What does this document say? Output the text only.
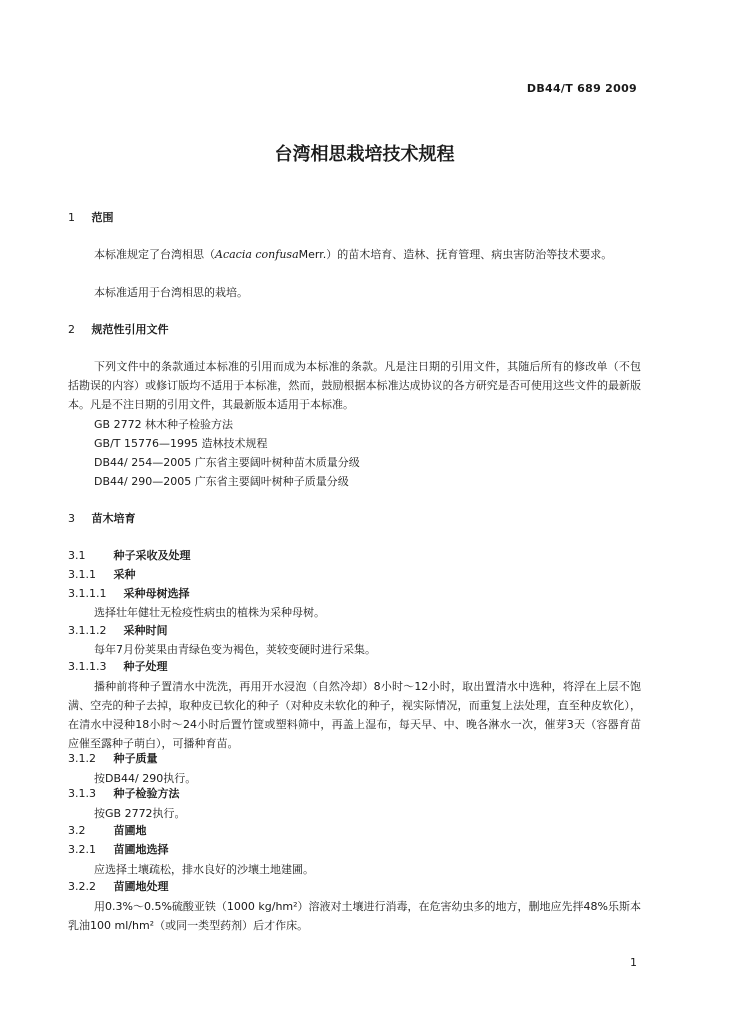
DB44/T 689 2009
台湾相思栽培技术规程
1 范围
本标准规定了台湾相思（Acacia confusaMerr.）的苗木培育、造林、抚育管理、病虫害防治等技术要求。
本标准适用于台湾相思的栽培。
2 规范性引用文件
下列文件中的条款通过本标准的引用而成为本标准的条款。凡是注日期的引用文件，其随后所有的修改单（不包括勘误的内容）或修订版均不适用于本标准，然而，鼓励根据本标准达成协议的各方研究是否可使用这些文件的最新版本。凡是不注日期的引用文件，其最新版本适用于本标准。
GB 2772 林木种子检验方法
GB/T 15776—1995 造林技术规程
DB44/ 254—2005 广东省主要阔叶树种苗木质量分级
DB44/ 290—2005 广东省主要阔叶树种子质量分级
3 苗木培育
3.1	种子采收及处理
3.1.1 采种
3.1.1.1 采种母树选择
选择壮年健壮无检疫性病虫的植株为采种母树。
3.1.1.2 采种时间
每年7月份荚果由青绿色变为褐色，荚较变硬时进行采集。
3.1.1.3 种子处理
播种前将种子置清水中洗洗，再用开水浸泡（自然冷却）8小时～12小时，取出置清水中选种，将浮在上层不饱满、空壳的种子去掉，取种皮已软化的种子（对种皮未软化的种子，视实际情况，而重复上法处理，直至种皮软化），在清水中浸种18小时～24小时后置竹筐或塑料筛中，再盖上湿布，每天早、中、晚各淋水一次，催芽3天（容器育苗应催至露种子萌白），可播种育苗。
3.1.2 种子质量
按DB44/ 290执行。
3.1.3 种子检验方法
按GB 2772执行。
3.2	苗圃地
3.2.1 苗圃地选择
应选择土壤疏松，排水良好的沙壤土地建圃。
3.2.2 苗圃地处理
用0.3%～0.5%硫酸亚铁（1000 kg/hm²）溶液对土壤进行消毒，在危害幼虫多的地方，删地应先拌48%乐斯本乳油100 ml/hm²（或同一类型药剂）后才作床。
1
